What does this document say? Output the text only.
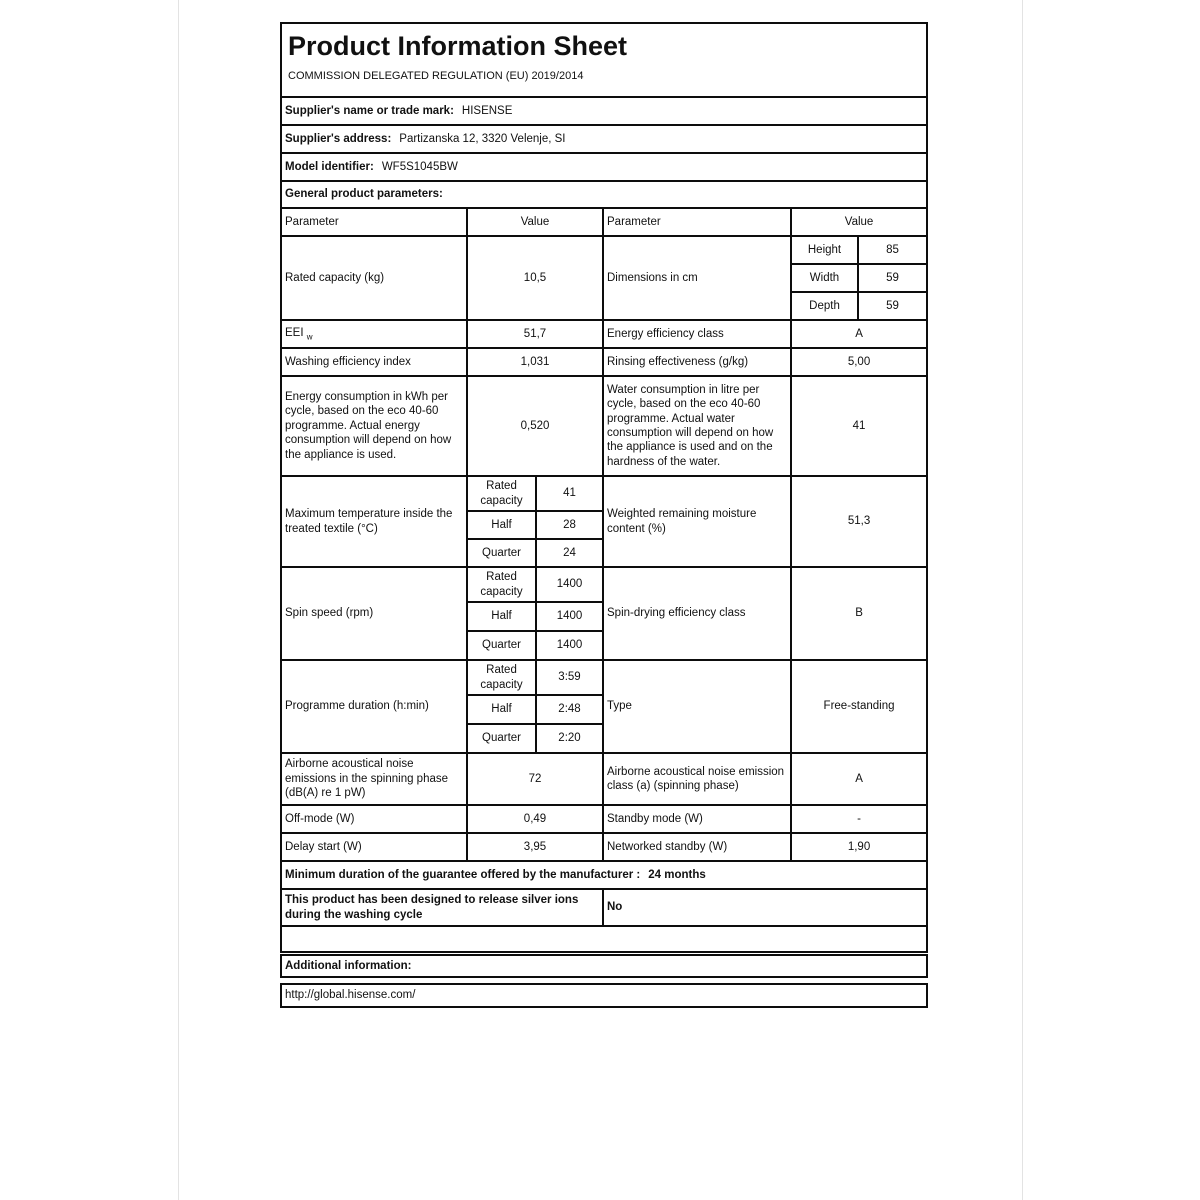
Product Information Sheet
COMMISSION DELEGATED REGULATION (EU) 2019/2014					

Supplier's name or trade mark: HISENSE					
Supplier's address: Partizanska 12, 3320 Velenje, SI					
Model identifier: WF5S1045BW					
General product parameters:					
Parameter	Value		Parameter	Value	
Rated capacity (kg)	10,5		Dimensions in cm	Height	85
				Width	59
				Depth	59
EEI $_w$	51,7		Energy efficiency class	A	
Washing efficiency index	1,031		Rinsing effectiveness (g/kg)	5,00	
Energy consumption in kWh per cycle, based on the eco 40-60 programme. Actual energy consumption will depend on how the appliance is used.	0,520		Water consumption in litre per cycle, based on the eco 40-60 programme. Actual water consumption will depend on how the appliance is used and on the hardness of the water.	41	
Maximum temperature inside the treated textile (°C)	Rated capacity	41	Weighted remaining moisture content (%)	51,3	
	Half	28			
	Quarter	24			
Spin speed (rpm)	Rated capacity	1400	Spin-drying efficiency class	B	
	Half	1400			
	Quarter	1400			
Programme duration (h:min)	Rated capacity	3:59	Type	Free-standing	
	Half	2:48			
	Quarter	2:20			
Airborne acoustical noise emissions in the spinning phase (dB(A) re 1 pW)	72		Airborne acoustical noise emission class (a) (spinning phase)	A	
Off-mode (W)	0,49		Standby mode (W)	-	
Delay start (W)	3,95		Networked standby (W)	1,90	
Minimum duration of the guarantee offered by the manufacturer : 24 months					
This product has been designed to release silver ions during the washing cycle			No		

Additional information:
http://global.hisense.com/
